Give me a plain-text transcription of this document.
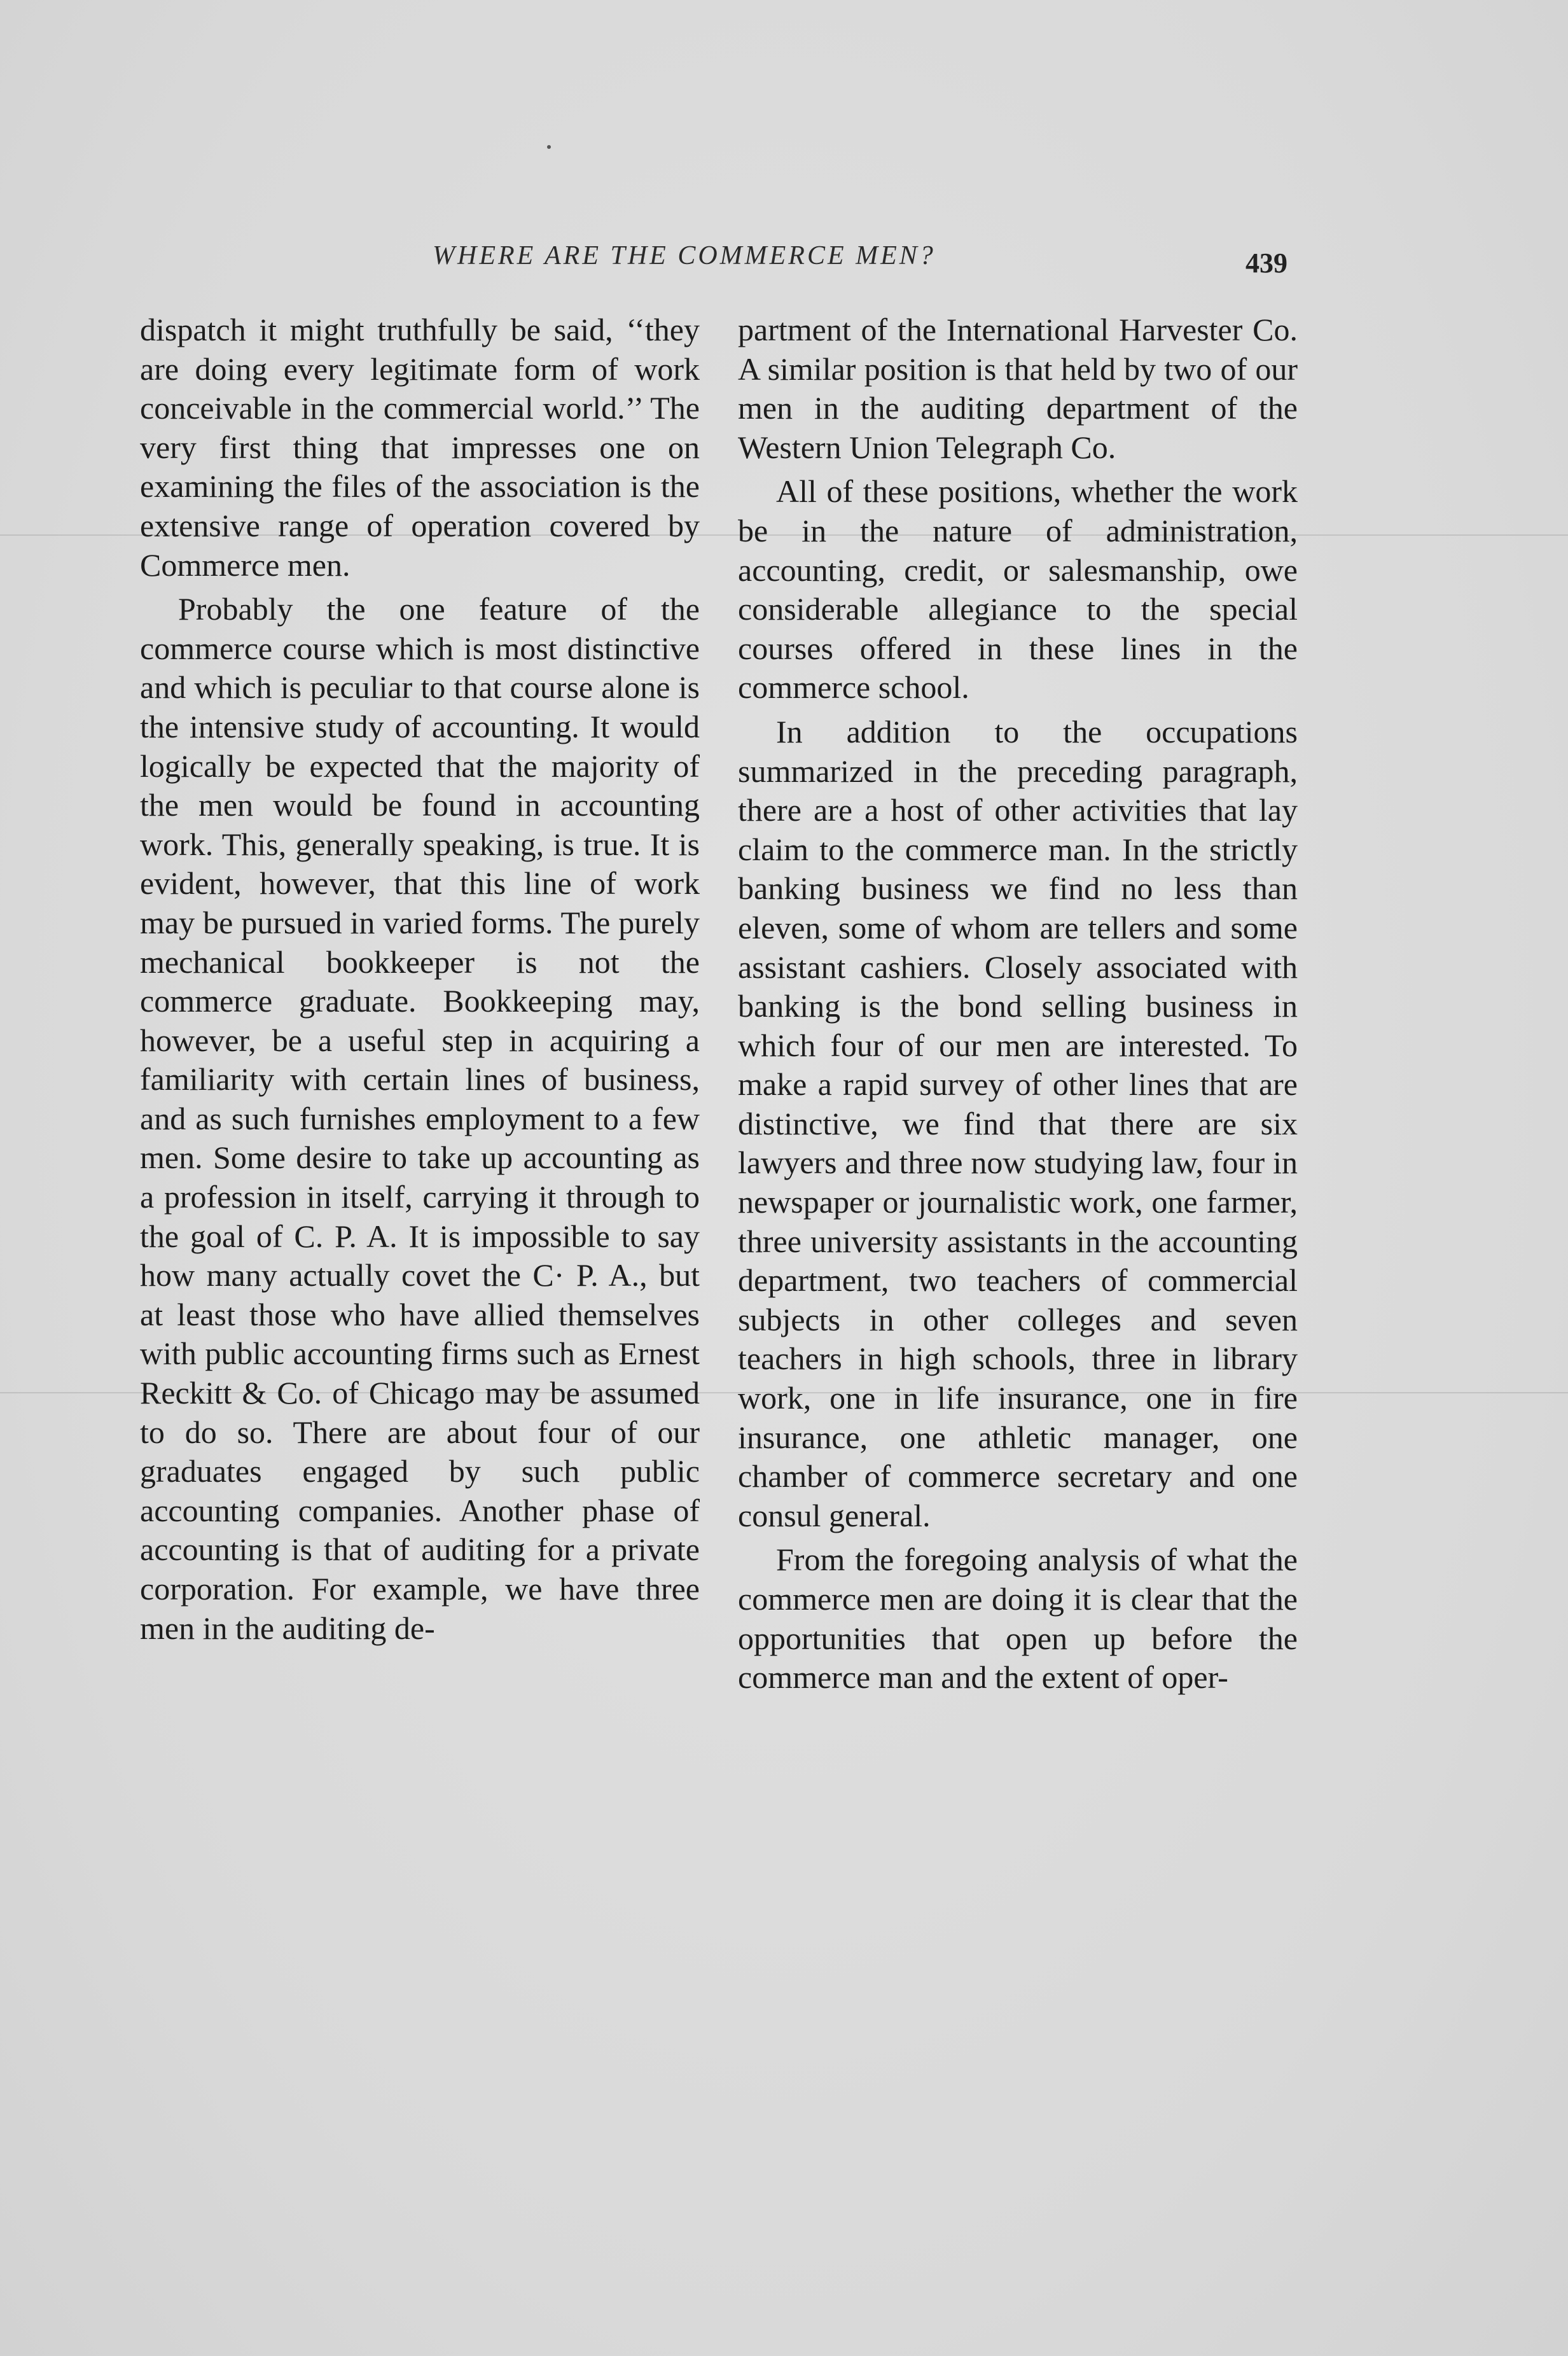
WHERE ARE THE COMMERCE MEN?	439

dispatch it might truthfully be said, ‘‘they are doing every legitimate form of work conceivable in the commercial world.’’ The very first thing that impresses one on examining the files of the association is the extensive range of operation covered by Commerce men.

Probably the one feature of the commerce course which is most distinctive and which is peculiar to that course alone is the intensive study of accounting. It would logically be expected that the majority of the men would be found in accounting work. This, generally speaking, is true. It is evident, however, that this line of work may be pursued in varied forms. The purely mechanical bookkeeper is not the commerce graduate. Bookkeeping may, however, be a useful step in acquiring a familiarity with certain lines of business, and as such furnishes employment to a few men. Some desire to take up accounting as a profession in itself, carrying it through to the goal of C. P. A. It is impossible to say how many actually covet the C· P. A., but at least those who have allied themselves with public accounting firms such as Ernest Reckitt & Co. of Chicago may be assumed to do so. There are about four of our graduates engaged by such public accounting companies. Another phase of accounting is that of auditing for a private corporation. For example, we have three men in the auditing de-

partment of the International Harvester Co. A similar position is that held by two of our men in the auditing department of the Western Union Telegraph Co.

All of these positions, whether the work be in the nature of administration, accounting, credit, or salesmanship, owe considerable allegiance to the special courses offered in these lines in the commerce school.

In addition to the occupations summarized in the preceding paragraph, there are a host of other activities that lay claim to the commerce man. In the strictly banking business we find no less than eleven, some of whom are tellers and some assistant cashiers. Closely associated with banking is the bond selling business in which four of our men are interested. To make a rapid survey of other lines that are distinctive, we find that there are six lawyers and three now studying law, four in newspaper or journalistic work, one farmer, three university assistants in the accounting department, two teachers of commercial subjects in other colleges and seven teachers in high schools, three in library work, one in life insurance, one in fire insurance, one athletic manager, one chamber of commerce secretary and one consul general.

From the foregoing analysis of what the commerce men are doing it is clear that the opportunities that open up before the commerce man and the extent of oper-
